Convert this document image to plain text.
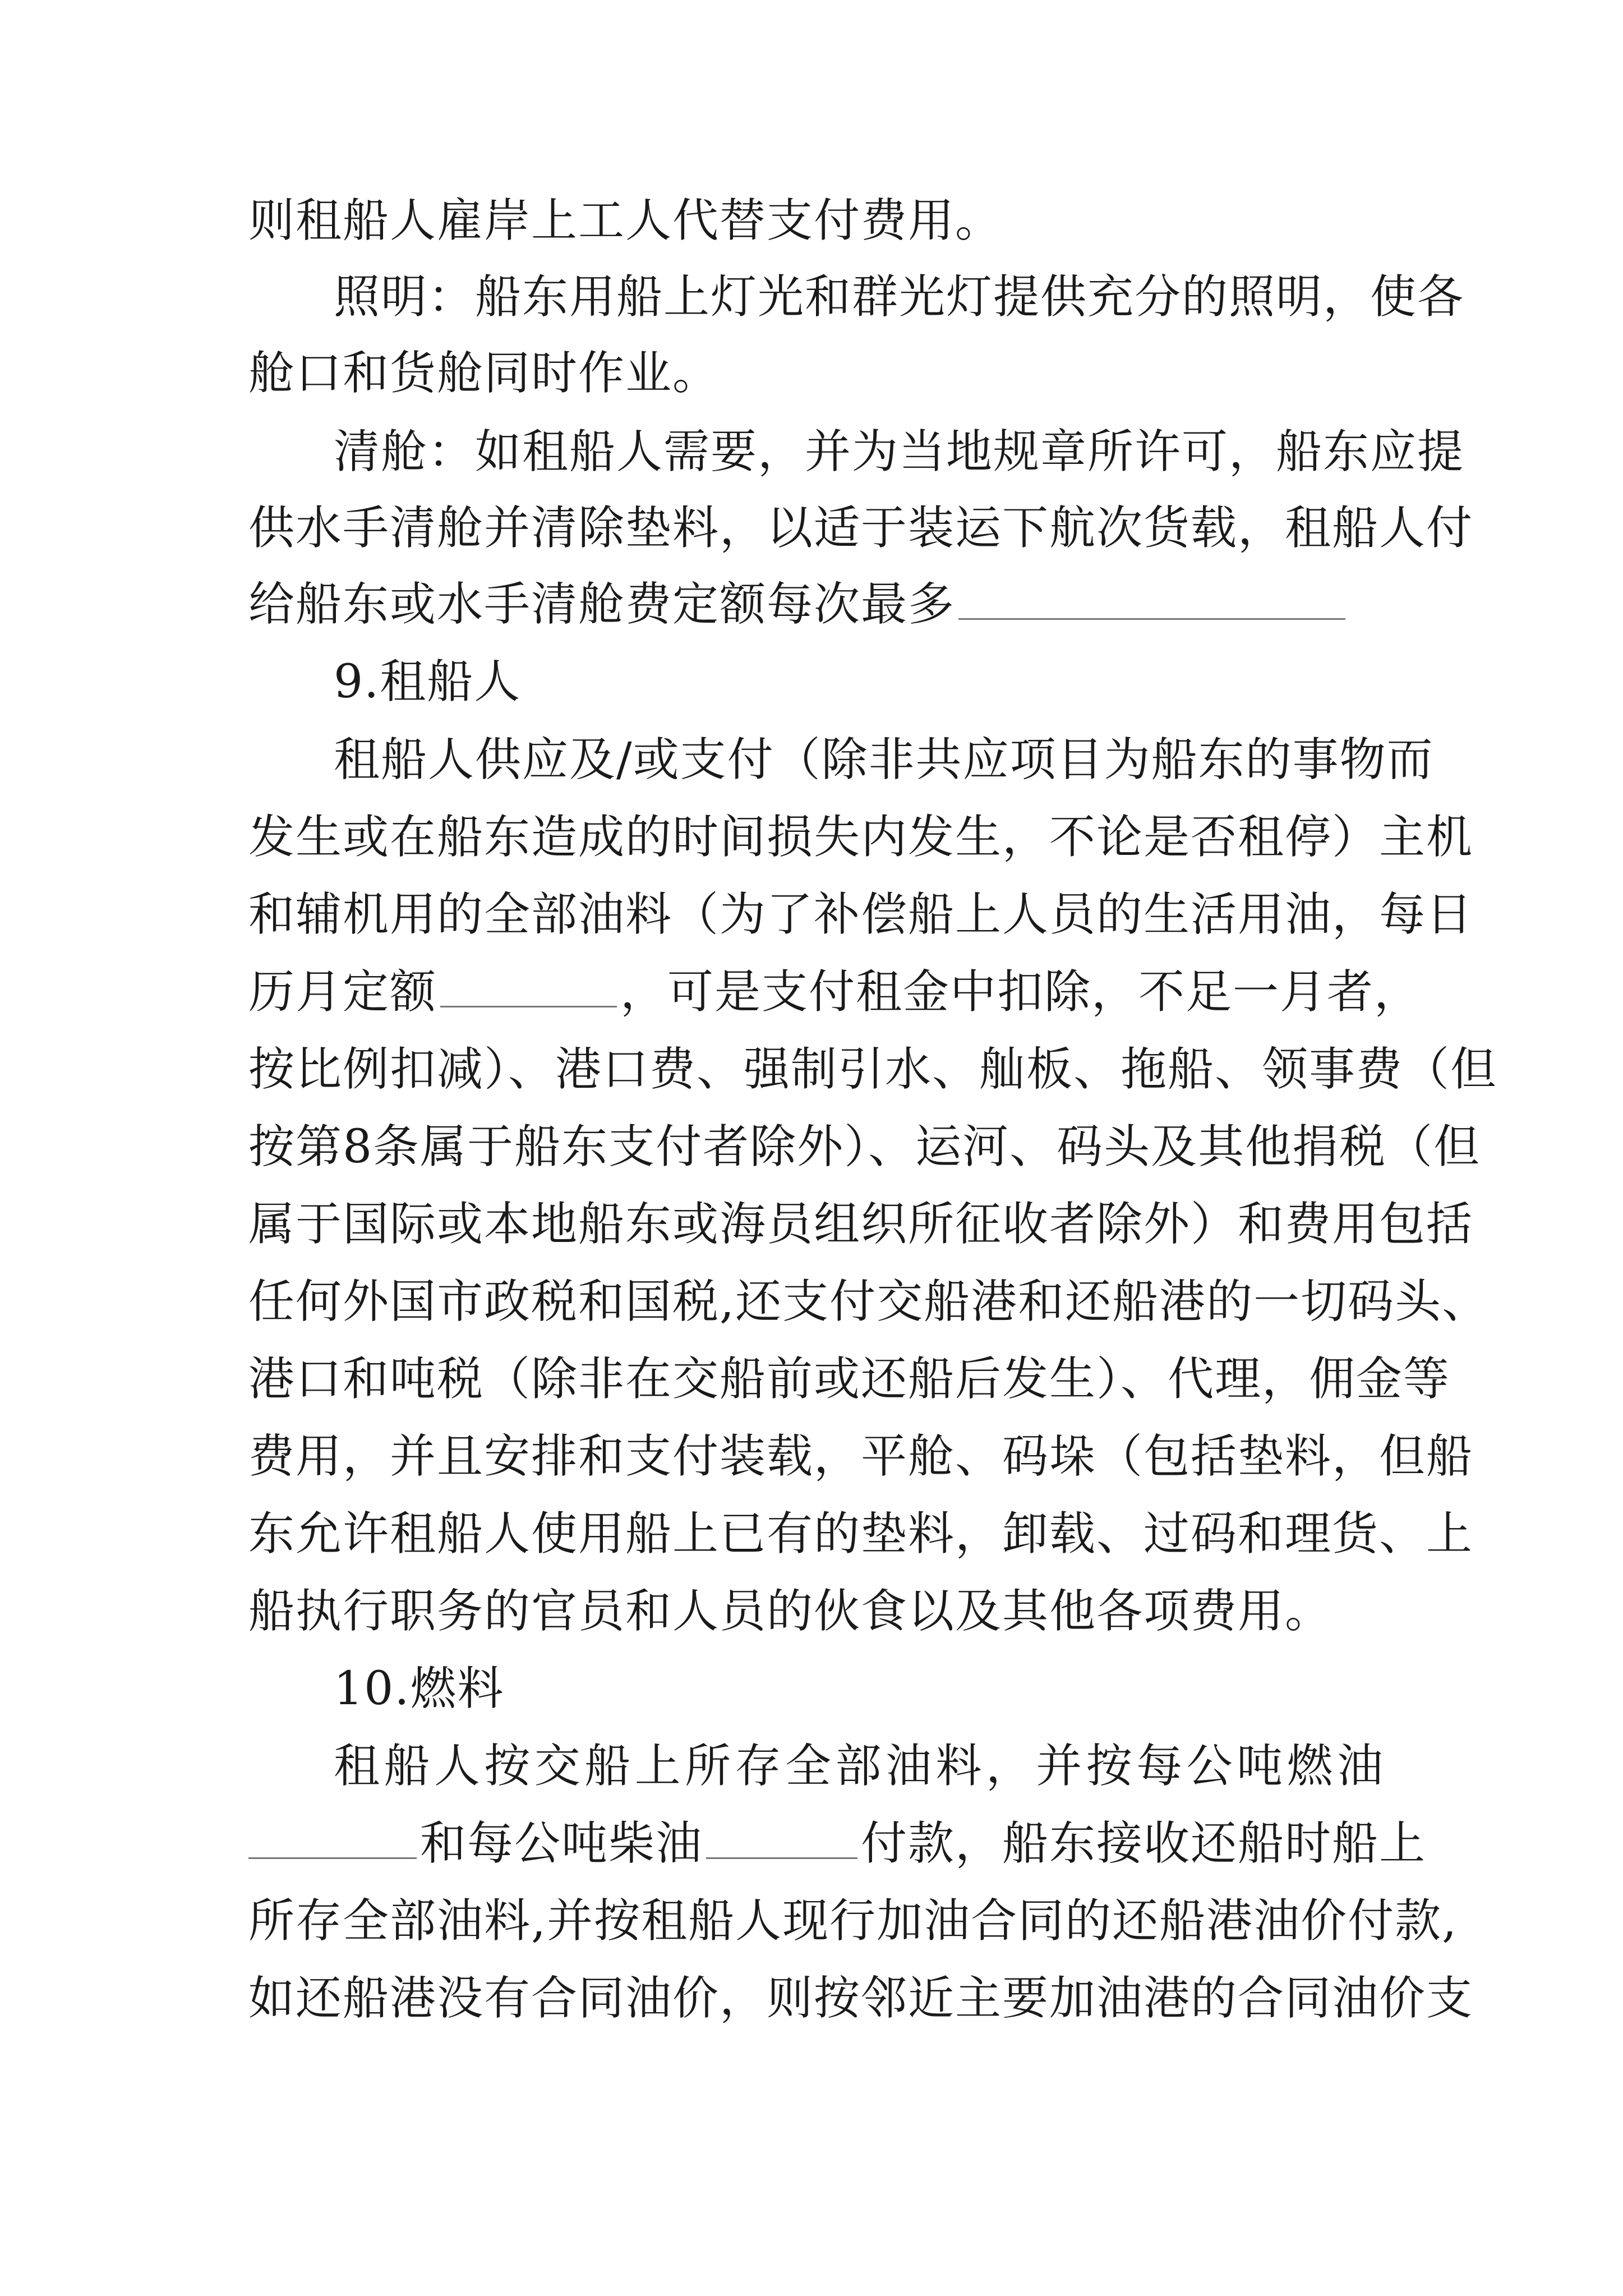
则租船人雇岸上工人代替支付费用。
照明：船东用船上灯光和群光灯提供充分的照明，使各
舱口和货舱同时作业。
清舱：如租船人需要，并为当地规章所许可，船东应提
供水手清舱并清除垫料，以适于装运下航次货载，租船人付
给船东或水手清舱费定额每次最多
9.租船人
租船人供应及/或支付（除非共应项目为船东的事物而
发生或在船东造成的时间损失内发生，不论是否租停）主机
和辅机用的全部油料（为了补偿船上人员的生活用油，每日
历月定额	，可是支付租金中扣除，不足一月者，
按比例扣减）、港口费、强制引水、舢板、拖船、领事费（但
按第8条属于船东支付者除外）、运河、码头及其他捐税（但
属于国际或本地船东或海员组织所征收者除外）和费用包括
任何外国市政税和国税,还支付交船港和还船港的一切码头、
港口和吨税（除非在交船前或还船后发生）、代理，佣金等
费用，并且安排和支付装载，平舱、码垛（包括垫料，但船
东允许租船人使用船上已有的垫料，卸载、过码和理货、上
船执行职务的官员和人员的伙食以及其他各项费用。
10.燃料
租船人按交船上所存全部油料，并按每公吨燃油
和每公吨柴油	付款，船东接收还船时船上
所存全部油料,并按租船人现行加油合同的还船港油价付款,
如还船港没有合同油价，则按邻近主要加油港的合同油价支
